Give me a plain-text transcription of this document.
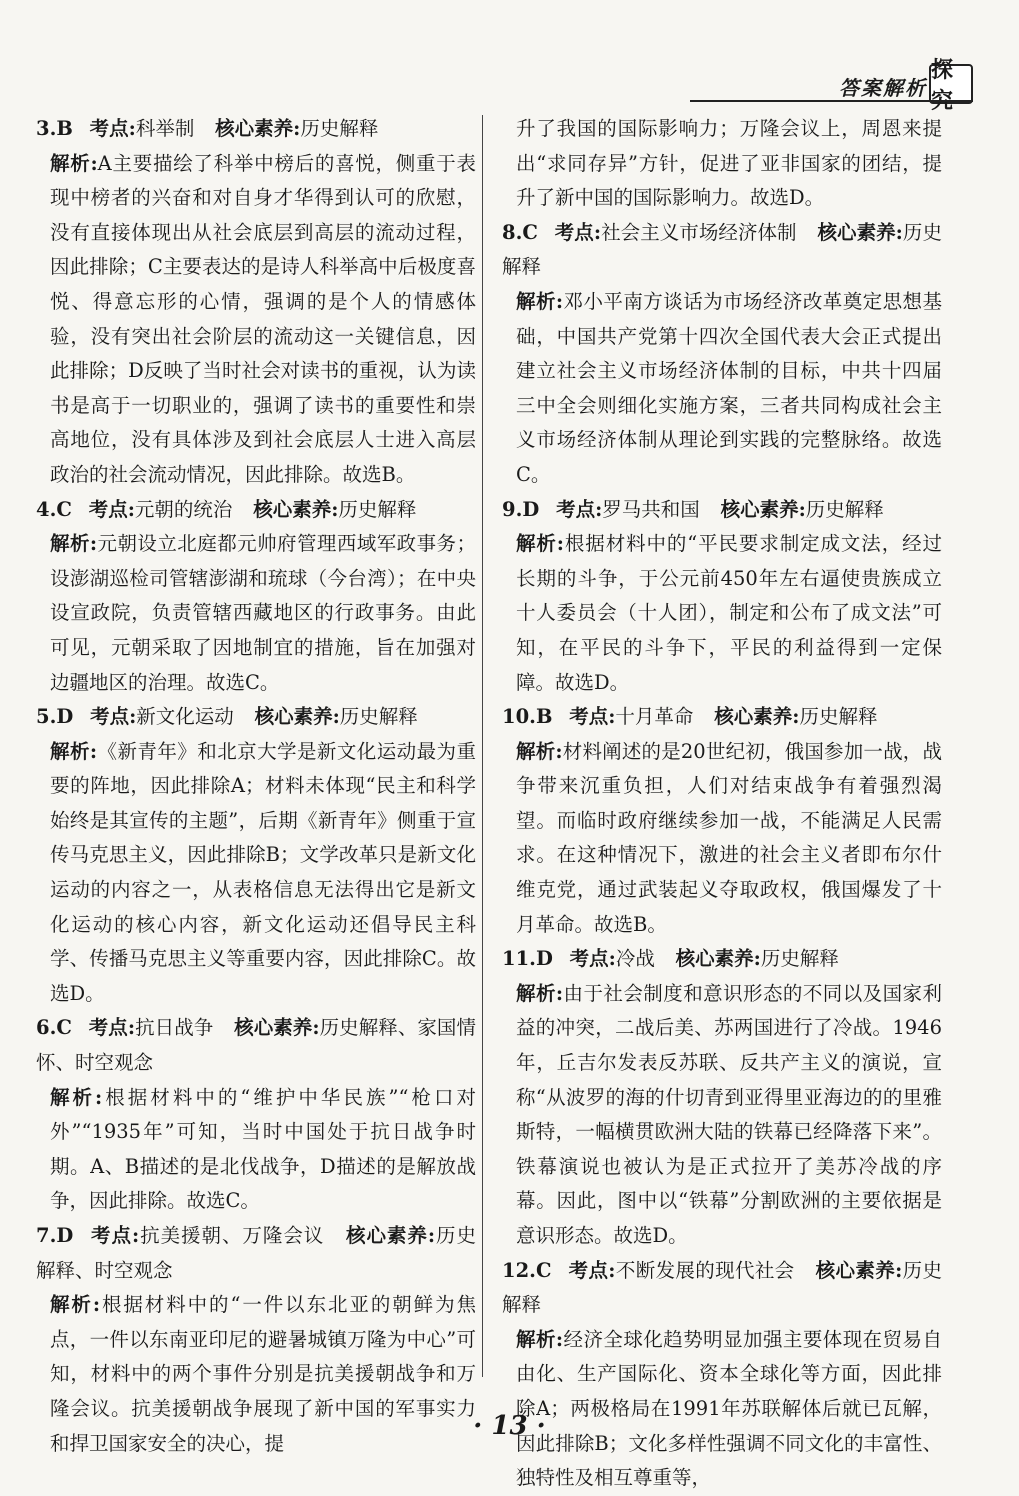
答案解析
探究

3.B 考点:科举制 核心素养:历史解释

解析:A主要描绘了科举中榜后的喜悦，侧重于表现中榜者的兴奋和对自身才华得到认可的欣慰，没有直接体现出从社会底层到高层的流动过程，因此排除；C主要表达的是诗人科举高中后极度喜悦、得意忘形的心情，强调的是个人的情感体验，没有突出社会阶层的流动这一关键信息，因此排除；D反映了当时社会对读书的重视，认为读书是高于一切职业的，强调了读书的重要性和崇高地位，没有具体涉及到社会底层人士进入高层政治的社会流动情况，因此排除。故选B。

4.C 考点:元朝的统治 核心素养:历史解释

解析:元朝设立北庭都元帅府管理西域军政事务；设澎湖巡检司管辖澎湖和琉球（今台湾）；在中央设宣政院，负责管辖西藏地区的行政事务。由此可见，元朝采取了因地制宜的措施，旨在加强对边疆地区的治理。故选C。

5.D 考点:新文化运动 核心素养:历史解释

解析:《新青年》和北京大学是新文化运动最为重要的阵地，因此排除A；材料未体现“民主和科学始终是其宣传的主题”，后期《新青年》侧重于宣传马克思主义，因此排除B；文学改革只是新文化运动的内容之一，从表格信息无法得出它是新文化运动的核心内容，新文化运动还倡导民主科学、传播马克思主义等重要内容，因此排除C。故选D。

6.C 考点:抗日战争 核心素养:历史解释、家国情怀、时空观念

解析:根据材料中的“维护中华民族”“枪口对外”“1935年”可知，当时中国处于抗日战争时期。A、B描述的是北伐战争，D描述的是解放战争，因此排除。故选C。

7.D 考点:抗美援朝、万隆会议 核心素养:历史解释、时空观念

解析:根据材料中的“一件以东北亚的朝鲜为焦点，一件以东南亚印尼的避暑城镇万隆为中心”可知，材料中的两个事件分别是抗美援朝战争和万隆会议。抗美援朝战争展现了新中国的军事实力和捍卫国家安全的决心，提

升了我国的国际影响力；万隆会议上，周恩来提出“求同存异”方针，促进了亚非国家的团结，提升了新中国的国际影响力。故选D。

8.C 考点:社会主义市场经济体制 核心素养:历史解释

解析:邓小平南方谈话为市场经济改革奠定思想基础，中国共产党第十四次全国代表大会正式提出建立社会主义市场经济体制的目标，中共十四届三中全会则细化实施方案，三者共同构成社会主义市场经济体制从理论到实践的完整脉络。故选C。

9.D 考点:罗马共和国 核心素养:历史解释

解析:根据材料中的“平民要求制定成文法，经过长期的斗争，于公元前450年左右逼使贵族成立十人委员会（十人团），制定和公布了成文法”可知，在平民的斗争下，平民的利益得到一定保障。故选D。

10.B 考点:十月革命 核心素养:历史解释

解析:材料阐述的是20世纪初，俄国参加一战，战争带来沉重负担，人们对结束战争有着强烈渴望。而临时政府继续参加一战，不能满足人民需求。在这种情况下，激进的社会主义者即布尔什维克党，通过武装起义夺取政权，俄国爆发了十月革命。故选B。

11.D 考点:冷战 核心素养:历史解释

解析:由于社会制度和意识形态的不同以及国家利益的冲突，二战后美、苏两国进行了冷战。1946年，丘吉尔发表反苏联、反共产主义的演说，宣称“从波罗的海的什切青到亚得里亚海边的的里雅斯特，一幅横贯欧洲大陆的铁幕已经降落下来”。铁幕演说也被认为是正式拉开了美苏冷战的序幕。因此，图中以“铁幕”分割欧洲的主要依据是意识形态。故选D。

12.C 考点:不断发展的现代社会 核心素养:历史解释

解析:经济全球化趋势明显加强主要体现在贸易自由化、生产国际化、资本全球化等方面，因此排除A；两极格局在1991年苏联解体后就已瓦解，因此排除B；文化多样性强调不同文化的丰富性、独特性及相互尊重等，

· 13 ·
